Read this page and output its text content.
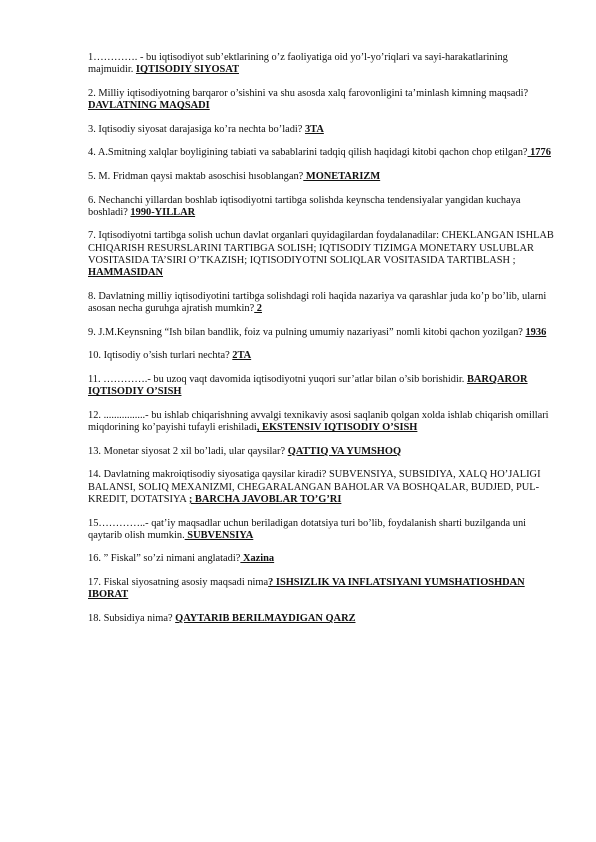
1…………. - bu iqtisodiyot sub’ektlarining o’z faoliyatiga oid yo’l-yo’riqlari va sayi-harakatlarining majmuidir. IQTISODIY SIYOSAT

2. Milliy iqtisodiyotning barqaror o’sishini va shu asosda xalq farovonligini ta’minlash kimning maqsadi? DAVLATNING MAQSADI

3. Iqtisodiy siyosat darajasiga ko’ra nechta bo’ladi? 3TA

4. A.Smitning xalqlar boyligining tabiati va sabablarini tadqiq qilish haqidagi kitobi qachon chop etilgan? 1776

5. M. Fridman qaysi maktab asoschisi hısoblangan? MONETARIZM

6. Nechanchi yillardan boshlab iqtisodiyotni tartibga solishda keynscha tendensiyalar yangidan kuchaya boshladi? 1990-YILLAR

7. Iqtisodiyotni tartibga solish uchun davlat organlari quyidagilardan foydalanadilar: CHEKLANGAN ISHLAB CHIQARISH RESURSLARINI TARTIBGA SOLISH; IQTISODIY TIZIMGA MONETARY USLUBLAR VOSITASIDA TA’SIRI O’TKAZISH; IQTISODIYOTNI SOLIQLAR VOSITASIDA TARTIBLASH ; HAMMASIDAN

8. Davlatning milliy iqtisodiyotini tartibga solishdagi roli haqida nazariya va qarashlar juda ko’p bo’lib, ularni asosan necha guruhga ajratish mumkin? 2

9. J.M.Keynsning “Ish bilan bandlik, foiz va pulning umumiy nazariyasi” nomli kitobi qachon yozilgan? 1936

10. Iqtisodiy o’sish turlari nechta? 2TA

11. ………….- bu uzoq vaqt davomida iqtisodiyotni yuqori sur’atlar bilan o’sib borishidir. BARQAROR IQTISODIY O’SISH

12. ................- bu ishlab chiqarishning avvalgi texnikaviy asosi saqlanib qolgan xolda ishlab chiqarish omillari miqdorining ko’payishi tufayli erishiladi, EKSTENSIV IQTISODIY O’SISH

13. Monetar siyosat 2 xil bo’ladi, ular qaysilar? QATTIQ VA YUMSHOQ

14. Davlatning makroiqtisodiy siyosatiga qaysilar kiradi? SUBVENSIYA, SUBSIDIYA, XALQ HO’JALIGI BALANSI, SOLIQ MEXANIZMI, CHEGARALANGAN BAHOLAR VA BOSHQALAR, BUDJED, PUL-KREDIT, DOTATSIYA ; BARCHA JAVOBLAR TO’G’RI

15…………..- qat’iy maqsadlar uchun beriladigan dotatsiya turi bo’lib, foydalanish sharti buzilganda uni qaytarib olish mumkin. SUBVENSIYA

16. ” Fiskal” so’zi nimani anglatadi? Xazina

17. Fiskal siyosatning asosiy maqsadi nima? ISHSIZLIK VA INFLATSIYANI YUMSHATIOSHDAN IBORAT

18. Subsidiya nima? QAYTARIB BERILMAYDIGAN QARZ
